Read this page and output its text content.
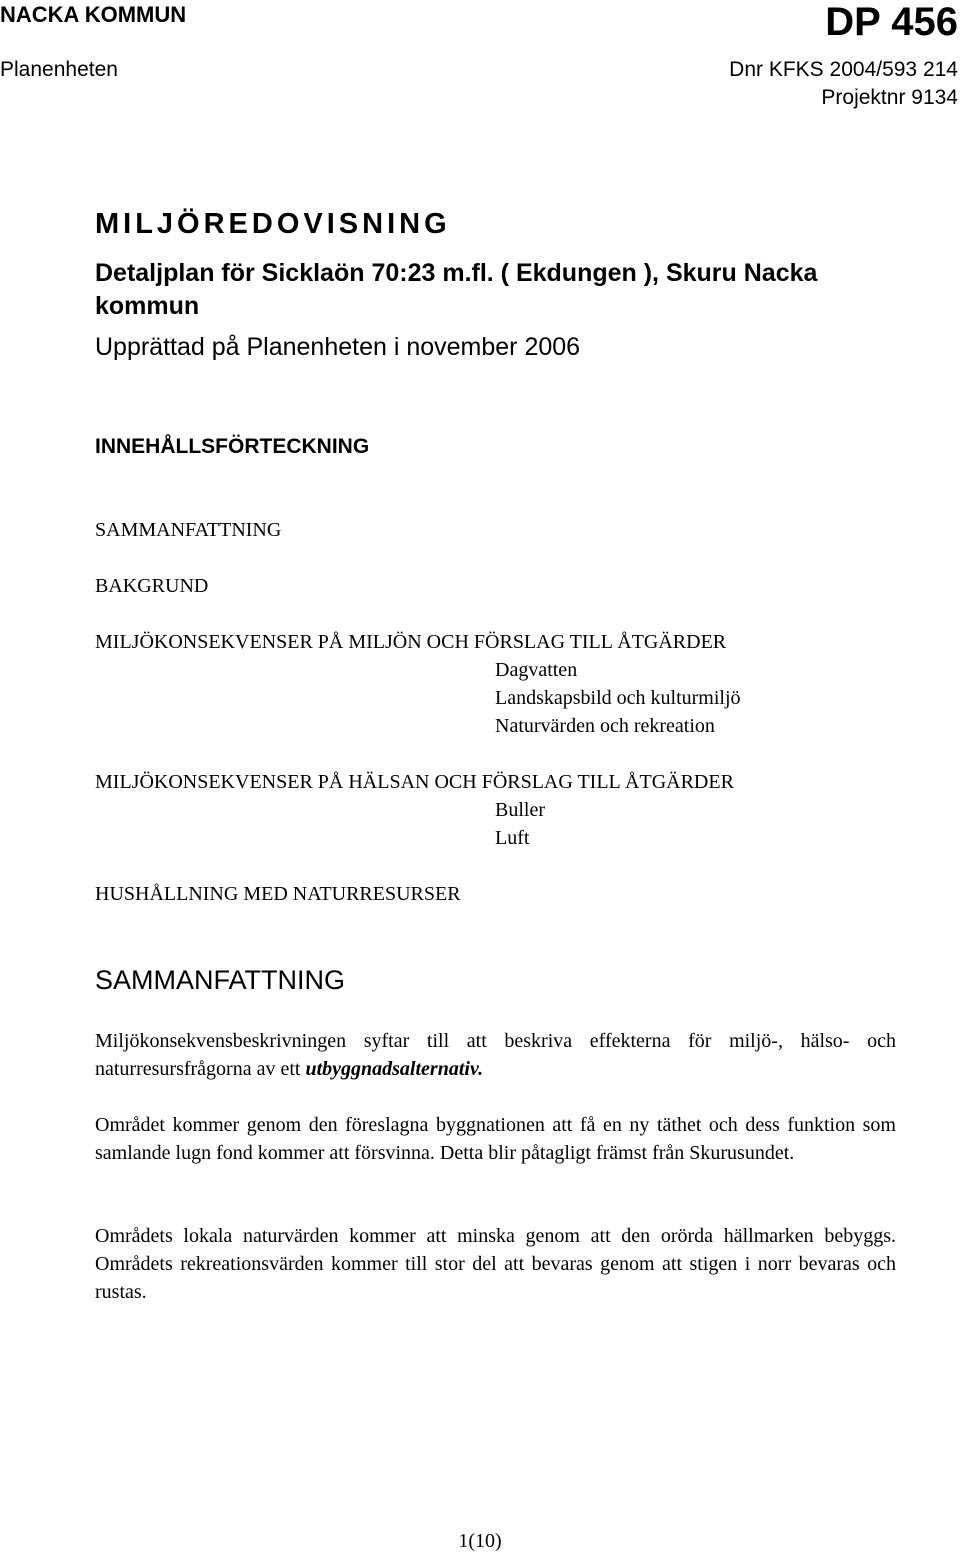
NACKA KOMMUN	DP 456
Planenheten	Dnr KFKS 2004/593 214
Projektnr 9134
MILJÖREDOVISNING
Detaljplan för Sicklaön 70:23 m.fl. ( Ekdungen ), Skuru Nacka kommun
Upprättad på Planenheten i november 2006
INNEHÅLLSFÖRTECKNING
SAMMANFATTNING
BAKGRUND
MILJÖKONSEKVENSER PÅ MILJÖN OCH FÖRSLAG TILL ÅTGÄRDER
Dagvatten
Landskapsbild och kulturmiljö
Naturvärden och rekreation
MILJÖKONSEKVENSER PÅ HÄLSAN OCH FÖRSLAG TILL ÅTGÄRDER
Buller
Luft
HUSHÅLLNING MED NATURRESURSER
SAMMANFATTNING

Miljökonsekvensbeskrivningen syftar till att beskriva effekterna för miljö-, hälso- och naturresursfrågorna av ett utbyggnadsalternativ.

Området kommer genom den föreslagna byggnationen att få en ny täthet och dess funktion som samlande lugn fond kommer att försvinna. Detta blir påtagligt främst från Skurusundet.

Områdets lokala naturvärden kommer att minska genom att den orörda hällmarken bebyggs. Områdets rekreationsvärden kommer till stor del att bevaras genom att stigen i norr bevaras och rustas.

1(10)
